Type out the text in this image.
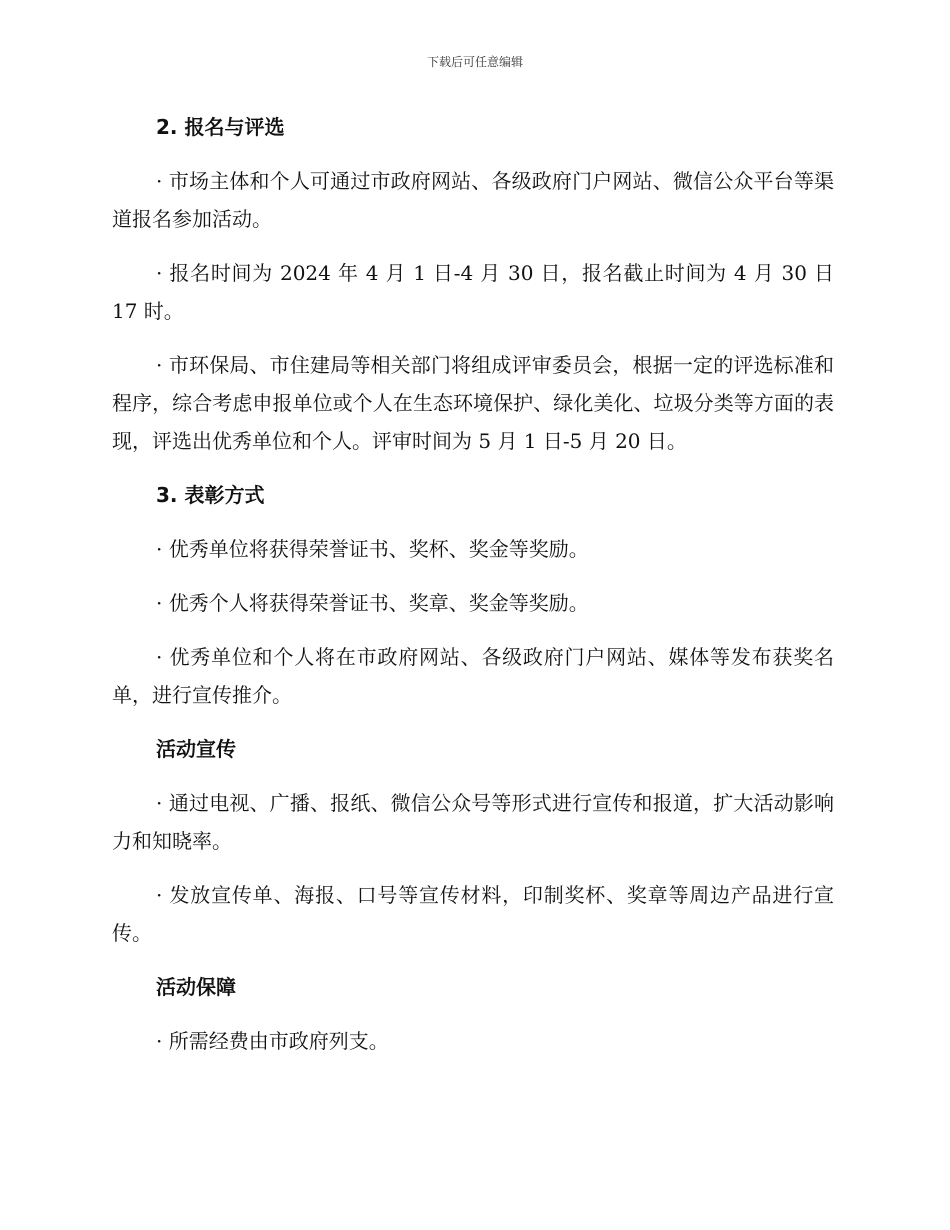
下载后可任意编辑
2. 报名与评选

· 市场主体和个人可通过市政府网站、各级政府门户网站、微信公众平台等渠道报名参加活动。

· 报名时间为 2024 年 4 月 1 日-4 月 30 日，报名截止时间为 4 月 30 日 17 时。

· 市环保局、市住建局等相关部门将组成评审委员会，根据一定的评选标准和程序，综合考虑申报单位或个人在生态环境保护、绿化美化、垃圾分类等方面的表现，评选出优秀单位和个人。评审时间为 5 月 1 日-5 月 20 日。

3. 表彰方式

· 优秀单位将获得荣誉证书、奖杯、奖金等奖励。

· 优秀个人将获得荣誉证书、奖章、奖金等奖励。

· 优秀单位和个人将在市政府网站、各级政府门户网站、媒体等发布获奖名单，进行宣传推介。

活动宣传

· 通过电视、广播、报纸、微信公众号等形式进行宣传和报道，扩大活动影响力和知晓率。

· 发放宣传单、海报、口号等宣传材料，印制奖杯、奖章等周边产品进行宣传。

活动保障

· 所需经费由市政府列支。
